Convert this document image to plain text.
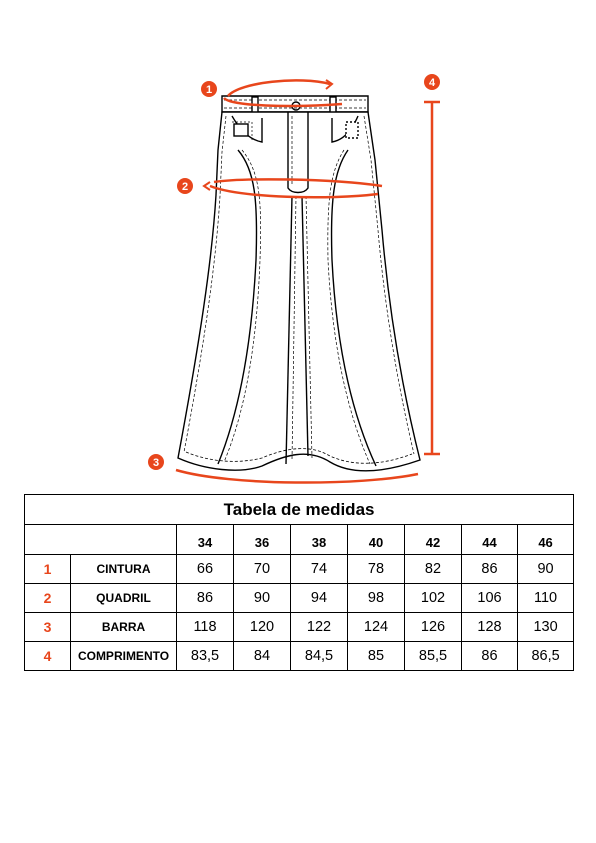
1
2
3
4
Tabela de medidas								
		34	36	38	40	42	44	46
1	CINTURA	66	70	74	78	82	86	90
2	QUADRIL	86	90	94	98	102	106	110
3	BARRA	118	120	122	124	126	128	130
4	COMPRIMENTO	83,5	84	84,5	85	85,5	86	86,5
